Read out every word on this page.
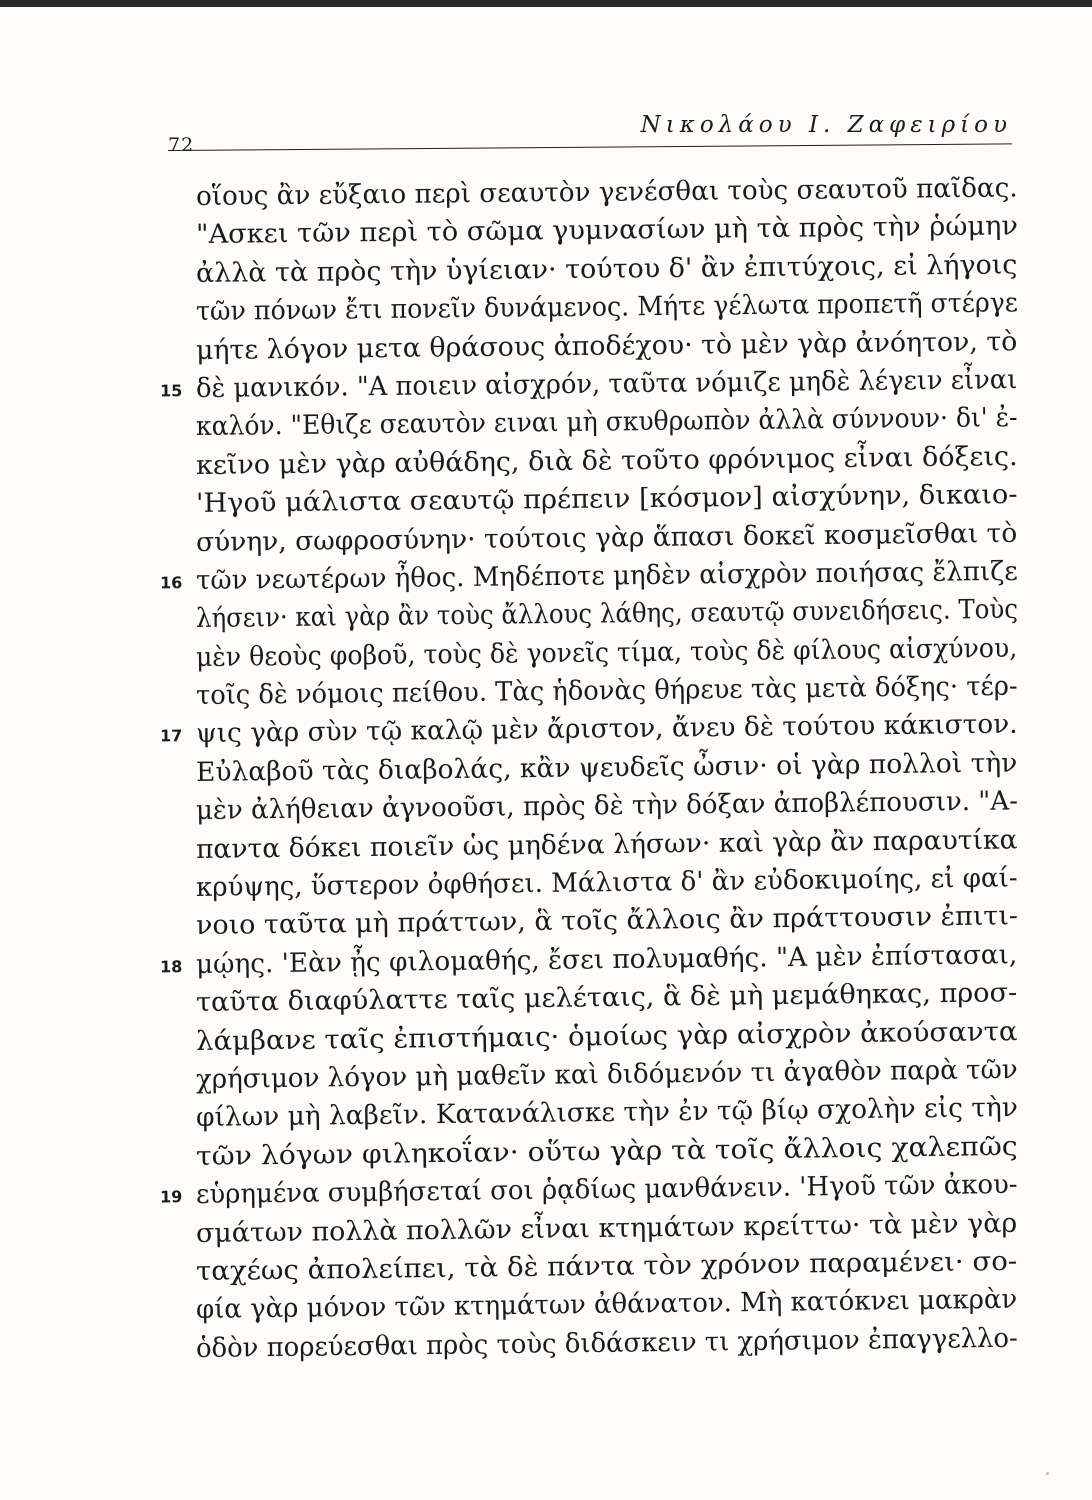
72
Νικολάου Ι. Ζαφειρίου
οἵους ἂν εὔξαιο περὶ σεαυτὸν γενέσθαι τοὺς σεαυτοῦ παῖδας.
"Ασκει τῶν περὶ τὸ σῶμα γυμνασίων μὴ τὰ πρὸς τὴν ῥώμην
ἀλλὰ τὰ πρὸς τὴν ὑγίειαν· τούτου δ' ἂν ἐπιτύχοις, εἰ λήγοις
τῶν πόνων ἔτι πονεῖν δυνάμενος. Μήτε γέλωτα προπετῆ στέργε
μήτε λόγον μετα θράσους ἀποδέχου· τὸ μὲν γὰρ ἀνόητον, τὸ
15 δὲ μανικόν. "Α ποιειν αἰσχρόν, ταῦτα νόμιζε μηδὲ λέγειν εἶναι
καλόν. "Εθιζε σεαυτὸν ειναι μὴ σκυθρωπὸν ἀλλὰ σύννουν· δι' ἐ-
κεῖνο μὲν γὰρ αὐθάδης, διὰ δὲ τοῦτο φρόνιμος εἶναι δόξεις.
'Ηγοῦ μάλιστα σεαυτῷ πρέπειν [κόσμον] αἰσχύνην, δικαιο-
σύνην, σωφροσύνην· τούτοις γὰρ ἅπασι δοκεῖ κοσμεῖσθαι τὸ
16 τῶν νεωτέρων ἦθος. Μηδέποτε μηδὲν αἰσχρὸν ποιήσας ἔλπιζε
λήσειν· καὶ γὰρ ἂν τοὺς ἄλλους λάθης, σεαυτῷ συνειδήσεις. Τοὺς
μὲν θεοὺς φοβοῦ, τοὺς δὲ γονεῖς τίμα, τοὺς δὲ φίλους αἰσχύνου,
τοῖς δὲ νόμοις πείθου. Τὰς ἡδονὰς θήρευε τὰς μετὰ δόξης· τέρ-
17 ψις γὰρ σὺν τῷ καλῷ μὲν ἄριστον, ἄνευ δὲ τούτου κάκιστον.
Εὐλαβοῦ τὰς διαβολάς, κἂν ψευδεῖς ὦσιν· οἱ γὰρ πολλοὶ τὴν
μὲν ἀλήθειαν ἀγνοοῦσι, πρὸς δὲ τὴν δόξαν ἀποβλέπουσιν. "Α-
παντα δόκει ποιεῖν ὡς μηδένα λήσων· καὶ γὰρ ἂν παραυτίκα
κρύψης, ὕστερον ὀφθήσει. Μάλιστα δ' ἂν εὐδοκιμοίης, εἰ φαί-
νοιο ταῦτα μὴ πράττων, ἃ τοῖς ἄλλοις ἂν πράττουσιν ἐπιτι-
18 μῴης. 'Εὰν ᾖς φιλομαθής, ἔσει πολυμαθής. "Α μὲν ἐπίστασαι,
ταῦτα διαφύλαττε ταῖς μελέταις, ἃ δὲ μὴ μεμάθηκας, προσ-
λάμβανε ταῖς ἐπιστήμαις· ὁμοίως γὰρ αἰσχρὸν ἀκούσαντα
χρήσιμον λόγον μὴ μαθεῖν καὶ διδόμενόν τι ἀγαθὸν παρὰ τῶν
φίλων μὴ λαβεῖν. Κατανάλισκε τὴν ἐν τῷ βίῳ σχολὴν εἰς τὴν
τῶν λόγων φιληκοΐαν· οὕτω γὰρ τὰ τοῖς ἄλλοις χαλεπῶς
19 εὑρημένα συμβήσεταί σοι ῥᾳδίως μανθάνειν. 'Ηγοῦ τῶν ἀκου-
σμάτων πολλὰ πολλῶν εἶναι κτημάτων κρείττω· τὰ μὲν γὰρ
ταχέως ἀπολείπει, τὰ δὲ πάντα τὸν χρόνον παραμένει· σο-
φία γὰρ μόνον τῶν κτημάτων ἀθάνατον. Μὴ κατόκνει μακρὰν
ὁδὸν πορεύεσθαι πρὸς τοὺς διδάσκειν τι χρήσιμον ἐπαγγελλο-
